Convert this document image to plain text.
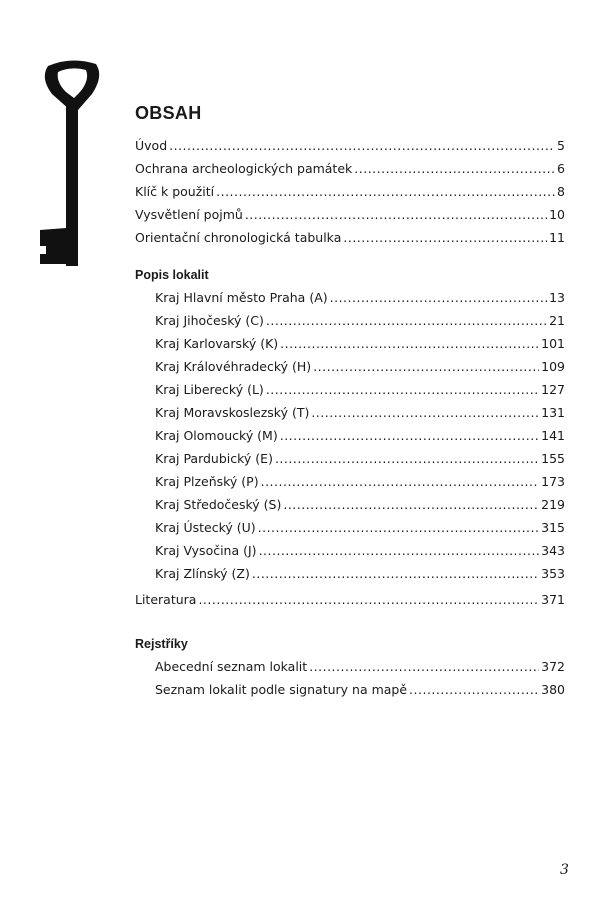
OBSAH
Úvod .....	5
Ochrana archeologických památek .....	6
Klíč k použití .....	8
Vysvětlení pojmů .....	10
Orientační chronologická tabulka .....	11
Popis lokalit
Kraj Hlavní město Praha (A) .....	13
Kraj Jihočeský (C) .....	21
Kraj Karlovarský (K) .....	101
Kraj Královéhradecký (H) .....	109
Kraj Liberecký (L) .....	127
Kraj Moravskoslezský (T) .....	131
Kraj Olomoucký (M) .....	141
Kraj Pardubický (E) .....	155
Kraj Plzeňský (P) .....	173
Kraj Středočeský (S) .....	219
Kraj Ústecký (U) .....	315
Kraj Vysočina (J) .....	343
Kraj Zlínský (Z) .....	353
Literatura .....	371
Rejstříky
Abecední seznam lokalit .....	372
Seznam lokalit podle signatury na mapě .....	380
3
